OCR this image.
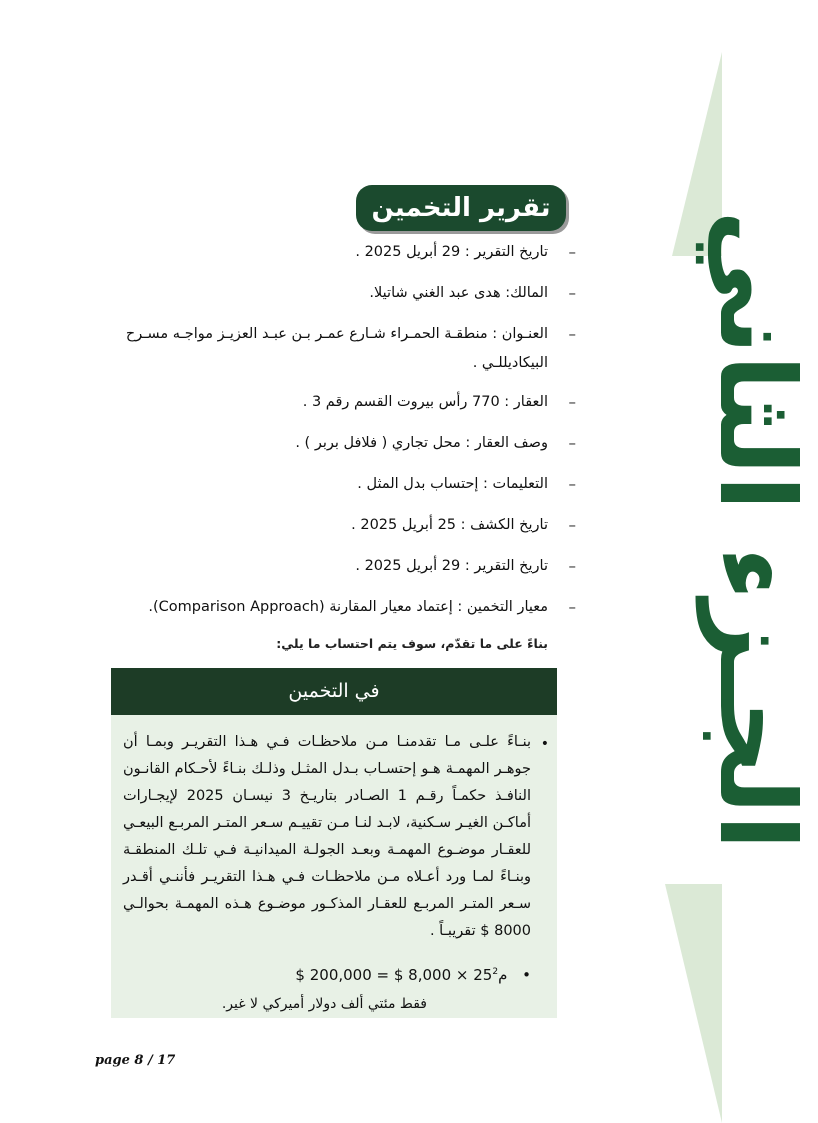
الجـزء الثاني
تقرير التخمين
–
تاريخ التقرير : 29 أبريل 2025 .
–
المالك: هدى عبد الغني شاتيلا.
–
العنـوان : منطقـة الحمـراء شـارع عمـر بـن عبـد العزيـز مواجـه مسـرح البيكاديللـي .
–
العقار : 770 رأس بيروت القسم رقم 3 .
–
وصف العقار : محل تجاري ( فلافل بربر ) .
–
التعليمات : إحتساب بدل المثل .
–
تاريخ الكشف : 25 أبريل 2025 .
–
تاريخ التقرير : 29 أبريل 2025 .
–
معيار التخمين : إعتماد معيار المقارنة (Comparison Approach).
بناءً على ما تقدّم، سوف يتم احتساب ما يلي:
في التخمين
•
بنـاءً علـى مـا تقدمنـا مـن ملاحظـات فـي هـذا التقريـر وبمـا أن جوهـر المهمـة هـو إحتسـاب بـدل المثـل وذلـك بنـاءً لأحـكام القانـون النافـذ حكمـاً رقـم 1 الصـادر بتاريـخ 3 نيسـان 2025 لإيجـارات أماكـن الغيـر سـكنية، لابـد لنـا مـن تقييـم سـعر المتـر المربـع البيعـي للعقـار موضـوع المهمـة وبعـد الجولـة الميدانيـة فـي تلـك المنطقـة وبنـاءً لمـا ورد أعـلاه مـن ملاحظـات فـي هـذا التقريـر فأننـي أقـدر سـعر المتـر المربـع للعقـار المذكـور موضـوع هـذه المهمـة بحوالـي 8000 $ تقريبـاً .
$ 200,000 = $ 8,000 × 25م$^2$ •
فقط مئتي ألف دولار أميركي لا غير.
page 8 / 17
